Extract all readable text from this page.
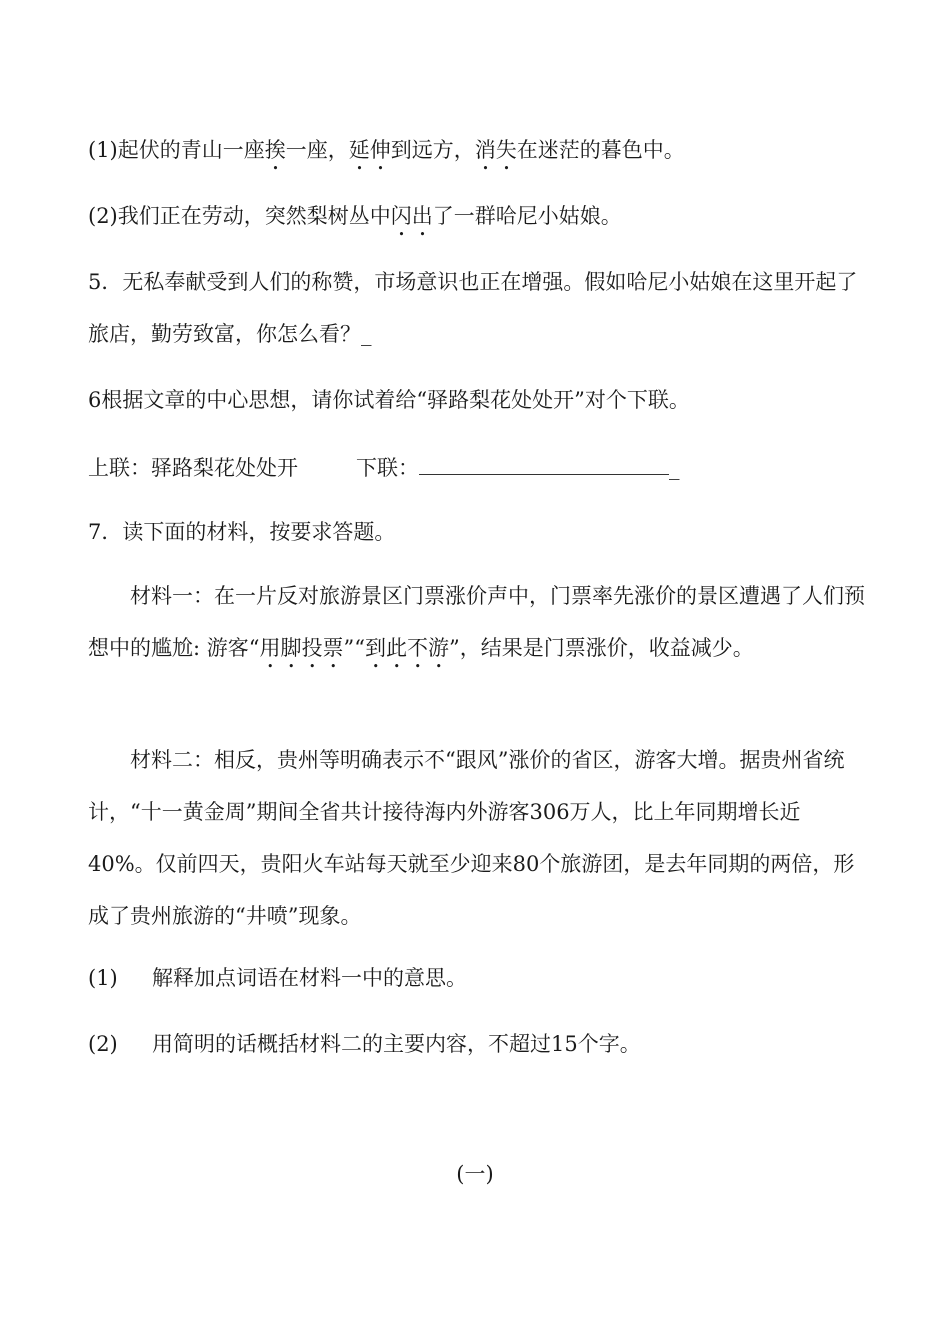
(1)起伏的青山一座挨一座，延伸到远方，消失在迷茫的暮色中。
(2)我们正在劳动，突然梨树丛中闪出了一群哈尼小姑娘。
5．无私奉献受到人们的称赞，市场意识也正在增强。假如哈尼小姑娘在这里开起了旅店，勤劳致富，你怎么看？_
6根据文章的中心思想，请你试着给“驿路梨花处处开”对个下联。
上联：驿路梨花处处开	下联：	_
7．读下面的材料，按要求答题。
材料一：在一片反对旅游景区门票涨价声中，门票率先涨价的景区遭遇了人们预想中的尴尬: 游客“用脚投票”“到此不游”，结果是门票涨价，收益减少。
材料二：相反，贵州等明确表示不“跟风”涨价的省区，游客大增。据贵州省统计，“十一黄金周”期间全省共计接待海内外游客306万人，比上年同期增长近40%。仅前四天，贵阳火车站每天就至少迎来80个旅游团，是去年同期的两倍，形成了贵州旅游的“井喷”现象。
(1) 解释加点词语在材料一中的意思。
(2) 用简明的话概括材料二的主要内容，不超过15个字。
(一)
